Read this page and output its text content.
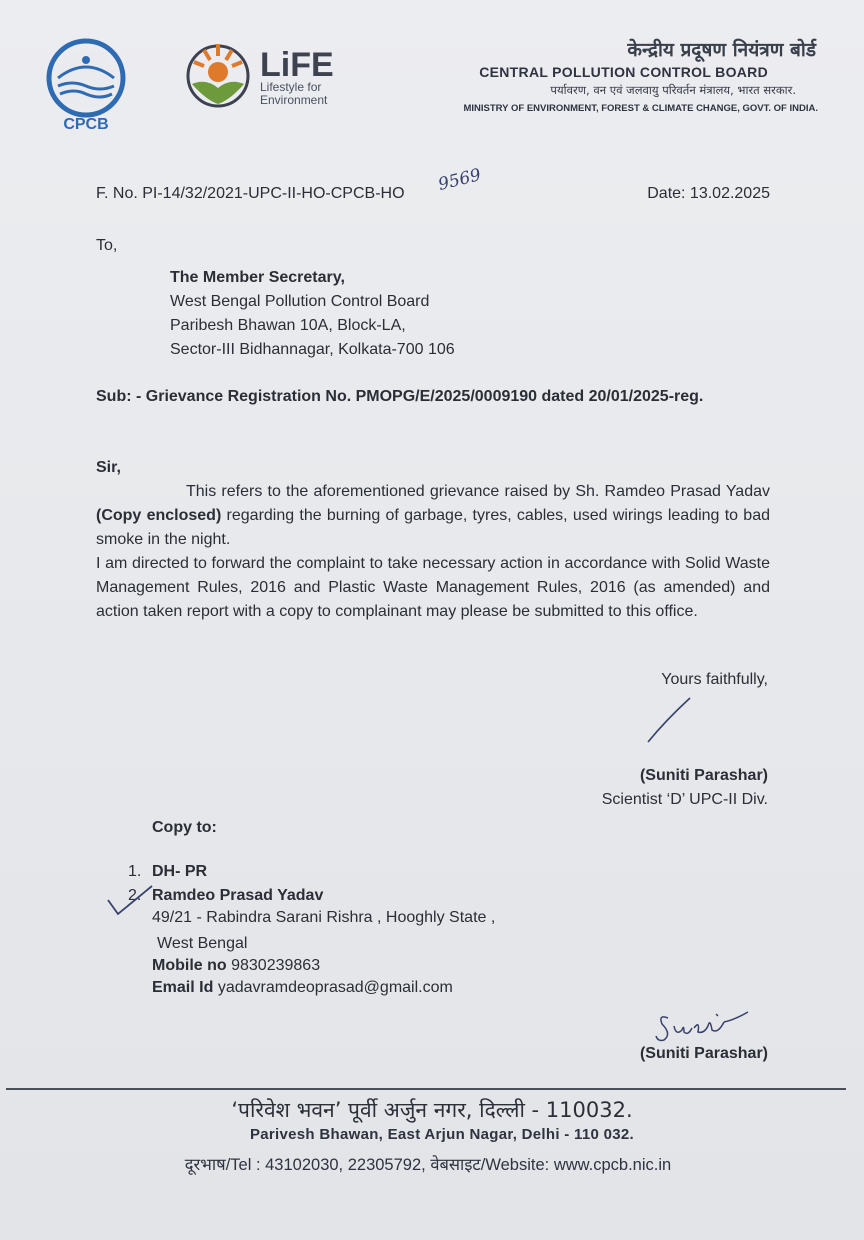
CPCB
LiFE
Lifestyle for
Environment
केन्द्रीय प्रदूषण नियंत्रण बोर्ड
CENTRAL POLLUTION CONTROL BOARD
पर्यावरण, वन एवं जलवायु परिवर्तन मंत्रालय, भारत सरकार.
MINISTRY OF ENVIRONMENT, FOREST & CLIMATE CHANGE, GOVT. OF INDIA.
F. No. PI-14/32/2021-UPC-II-HO-CPCB-HO 9569	Date: 13.02.2025
To,
The Member Secretary,
West Bengal Pollution Control Board
Paribesh Bhawan 10A, Block-LA,
Sector-III Bidhannagar, Kolkata-700 106
Sub: - Grievance Registration No. PMOPG/E/2025/0009190 dated 20/01/2025-reg.
Sir,
This refers to the aforementioned grievance raised by Sh. Ramdeo Prasad Yadav (Copy enclosed) regarding the burning of garbage, tyres, cables, used wirings leading to bad smoke in the night.
I am directed to forward the complaint to take necessary action in accordance with Solid Waste Management Rules, 2016 and Plastic Waste Management Rules, 2016 (as amended) and action taken report with a copy to complainant may please be submitted to this office.
Yours faithfully,
(Suniti Parashar)
Scientist ‘D’ UPC-II Div.
Copy to:
1. DH- PR
2. Ramdeo Prasad Yadav
49/21 - Rabindra Sarani Rishra , Hooghly State ,
West Bengal
Mobile no 9830239863
Email Id yadavramdeoprasad@gmail.com
(Suniti Parashar)
‘परिवेश भवन’ पूर्वी अर्जुन नगर, दिल्ली - 110032.
Parivesh Bhawan, East Arjun Nagar, Delhi - 110 032.
दूरभाष/Tel : 43102030, 22305792, वेबसाइट/Website: www.cpcb.nic.in
